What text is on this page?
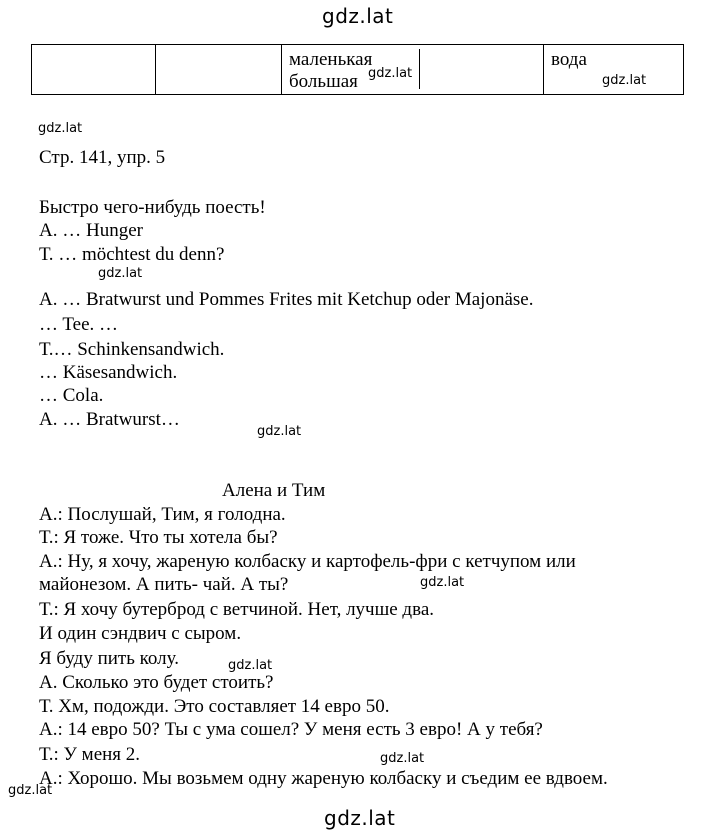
gdz.lat
gdz.lat
gdz.lat	gdz.lat
gdz.lat
gdz.lat
gdz.lat
gdz.lat
gdz.lat
gdz.lat
gdz.lat
маленькая
большая
вода
Стр. 141, упр. 5
Быстро чего-нибудь поесть!
А. … Hunger
Т. … möchtest du denn?
А. … Bratwurst und Pommes Frites mit Ketchup oder Majonäse.
… Tee. …
Т.… Schinkensandwich.
… Käsesandwich.
… Cola.
А. … Bratwurst…
Алена и Тим
А.: Послушай, Тим, я голодна.
Т.: Я тоже. Что ты хотела бы?
А.: Ну, я хочу, жареную колбаску и картофель-фри с кетчупом или
майонезом. А пить- чай. А ты?
Т.: Я хочу бутерброд с ветчиной. Нет, лучше два.
И один сэндвич с сыром.
Я буду пить колу.
А. Сколько это будет стоить?
Т. Хм, подожди. Это составляет 14 евро 50.
А.: 14 евро 50? Ты с ума сошел? У меня есть 3 евро! А у тебя?
Т.: У меня 2.
А.: Хорошо. Мы возьмем одну жареную колбаску и съедим ее вдвоем.
